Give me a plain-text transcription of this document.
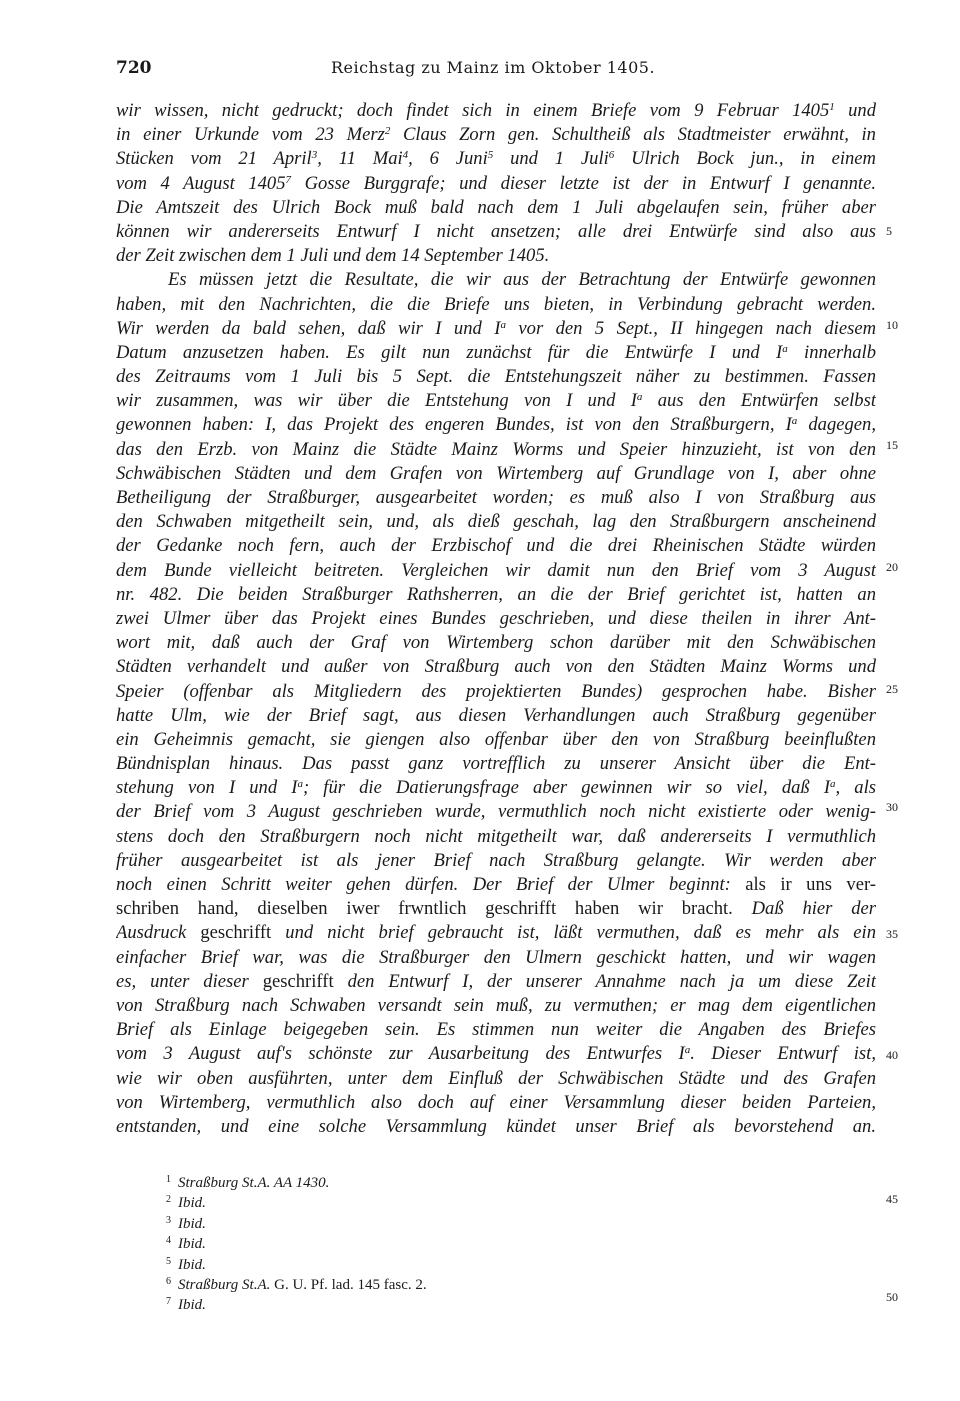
720	Reichstag zu Mainz im Oktober 1405.
wir wissen, nicht gedruckt; doch findet sich in einem Briefe vom 9 Februar 1405$^1$ und
in einer Urkunde vom 23 Merz$^2$ Claus Zorn gen. Schultheiß als Stadtmeister erwähnt, in
Stücken vom 21 April$^3$, 11 Mai$^4$, 6 Juni$^5$ und 1 Juli$^6$ Ulrich Bock jun., in einem
vom 4 August 1405$^7$ Gosse Burggrafe; und dieser letzte ist der in Entwurf I genannte.
Die Amtszeit des Ulrich Bock muß bald nach dem 1 Juli abgelaufen sein, früher aber
können wir andererseits Entwurf I nicht ansetzen; alle drei Entwürfe sind also aus
der Zeit zwischen dem 1 Juli und dem 14 September 1405.
Es müssen jetzt die Resultate, die wir aus der Betrachtung der Entwürfe gewonnen
haben, mit den Nachrichten, die die Briefe uns bieten, in Verbindung gebracht werden.
Wir werden da bald sehen, daß wir I und $I^a$ vor den 5 Sept., II hingegen nach diesem
Datum anzusetzen haben. Es gilt nun zunächst für die Entwürfe I und $I^a$ innerhalb
des Zeitraums vom 1 Juli bis 5 Sept. die Entstehungszeit näher zu bestimmen. Fassen
wir zusammen, was wir über die Entstehung von I und $I^a$ aus den Entwürfen selbst
gewonnen haben: I, das Projekt des engeren Bundes, ist von den Straßburgern, $I^a$ dagegen,
das den Erzb. von Mainz die Städte Mainz Worms und Speier hinzuzieht, ist von den
Schwäbischen Städten und dem Grafen von Wirtemberg auf Grundlage von I, aber ohne
Betheiligung der Straßburger, ausgearbeitet worden; es muß also I von Straßburg aus
den Schwaben mitgetheilt sein, und, als dieß geschah, lag den Straßburgern anscheinend
der Gedanke noch fern, auch der Erzbischof und die drei Rheinischen Städte würden
dem Bunde vielleicht beitreten. Vergleichen wir damit nun den Brief vom 3 August
nr. 482. Die beiden Straßburger Rathsherren, an die der Brief gerichtet ist, hatten an
zwei Ulmer über das Projekt eines Bundes geschrieben, und diese theilen in ihrer Ant-
wort mit, daß auch der Graf von Wirtemberg schon darüber mit den Schwäbischen
Städten verhandelt und außer von Straßburg auch von den Städten Mainz Worms und
Speier (offenbar als Mitgliedern des projektierten Bundes) gesprochen habe. Bisher
hatte Ulm, wie der Brief sagt, aus diesen Verhandlungen auch Straßburg gegenüber
ein Geheimnis gemacht, sie giengen also offenbar über den von Straßburg beeinflußten
Bündnisplan hinaus. Das passt ganz vortrefflich zu unserer Ansicht über die Ent-
stehung von I und $I^a$; für die Datierungsfrage aber gewinnen wir so viel, daß $I^a$, als
der Brief vom 3 August geschrieben wurde, vermuthlich noch nicht existierte oder wenig-
stens doch den Straßburgern noch nicht mitgetheilt war, daß andererseits I vermuthlich
früher ausgearbeitet ist als jener Brief nach Straßburg gelangte. Wir werden aber
noch einen Schritt weiter gehen dürfen. Der Brief der Ulmer beginnt: als ir uns ver-
schriben hand, dieselben iwer frwntlich geschrifft haben wir bracht. Daß hier der
Ausdruck geschrifft und nicht brief gebraucht ist, läßt vermuthen, daß es mehr als ein
einfacher Brief war, was die Straßburger den Ulmern geschickt hatten, und wir wagen
es, unter dieser geschrifft den Entwurf I, der unserer Annahme nach ja um diese Zeit
von Straßburg nach Schwaben versandt sein muß, zu vermuthen; er mag dem eigentlichen
Brief als Einlage beigegeben sein. Es stimmen nun weiter die Angaben des Briefes
vom 3 August auf's schönste zur Ausarbeitung des Entwurfes $I^a$. Dieser Entwurf ist,
wie wir oben ausführten, unter dem Einfluß der Schwäbischen Städte und des Grafen
von Wirtemberg, vermuthlich also doch auf einer Versammlung dieser beiden Parteien,
entstanden, und eine solche Versammlung kündet unser Brief als bevorstehend an.
5
10
15
20
25
30
35
40
45
50
1 Straßburg St.A. AA 1430.
2 Ibid.
3 Ibid.
4 Ibid.
5 Ibid.
6 Straßburg St.A. G. U. Pf. lad. 145 fasc. 2.
7 Ibid.
